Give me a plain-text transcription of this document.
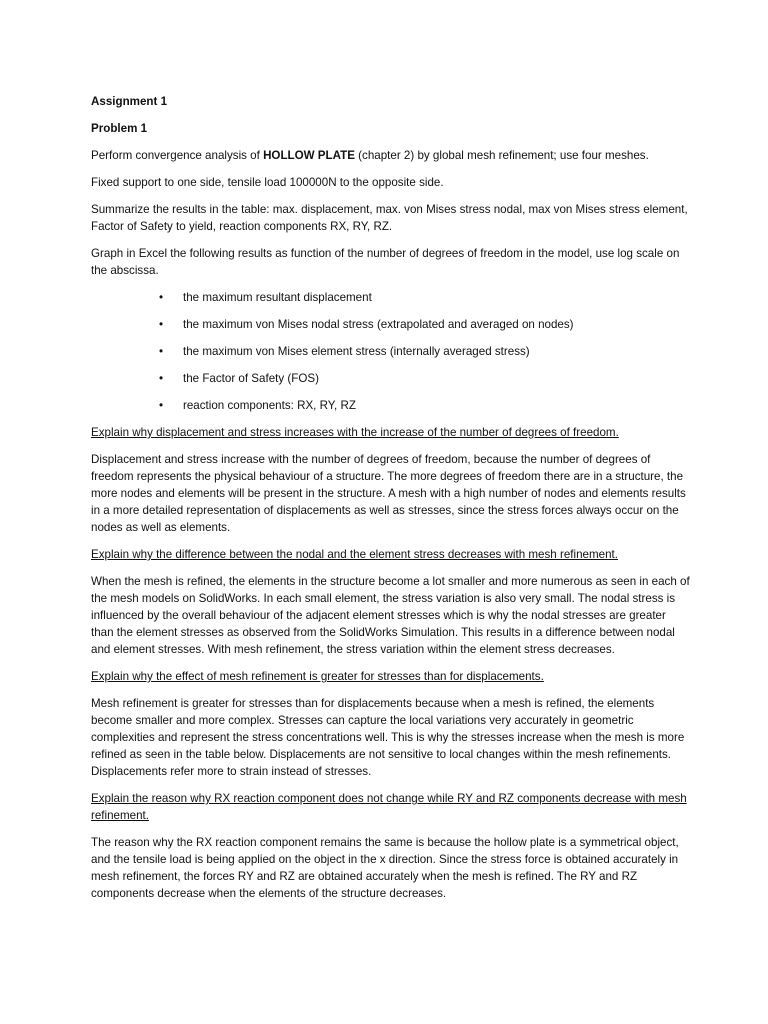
Assignment 1
Problem 1

Perform convergence analysis of HOLLOW PLATE (chapter 2) by global mesh refinement; use four meshes.

Fixed support to one side, tensile load 100000N to the opposite side.

Summarize the results in the table: max. displacement, max. von Mises stress nodal, max von Mises stress element, Factor of Safety to yield, reaction components RX, RY, RZ.

Graph in Excel the following results as function of the number of degrees of freedom in the model, use log scale on the abscissa.

• the maximum resultant displacement
• the maximum von Mises nodal stress (extrapolated and averaged on nodes)
• the maximum von Mises element stress (internally averaged stress)
• the Factor of Safety (FOS)
• reaction components: RX, RY, RZ

Explain why displacement and stress increases with the increase of the number of degrees of freedom.

Displacement and stress increase with the number of degrees of freedom, because the number of degrees of freedom represents the physical behaviour of a structure. The more degrees of freedom there are in a structure, the more nodes and elements will be present in the structure. A mesh with a high number of nodes and elements results in a more detailed representation of displacements as well as stresses, since the stress forces always occur on the nodes as well as elements.

Explain why the difference between the nodal and the element stress decreases with mesh refinement.

When the mesh is refined, the elements in the structure become a lot smaller and more numerous as seen in each of the mesh models on SolidWorks. In each small element, the stress variation is also very small. The nodal stress is influenced by the overall behaviour of the adjacent element stresses which is why the nodal stresses are greater than the element stresses as observed from the SolidWorks Simulation. This results in a difference between nodal and element stresses. With mesh refinement, the stress variation within the element stress decreases.

Explain why the effect of mesh refinement is greater for stresses than for displacements.

Mesh refinement is greater for stresses than for displacements because when a mesh is refined, the elements become smaller and more complex. Stresses can capture the local variations very accurately in geometric complexities and represent the stress concentrations well. This is why the stresses increase when the mesh is more refined as seen in the table below. Displacements are not sensitive to local changes within the mesh refinements. Displacements refer more to strain instead of stresses.

Explain the reason why RX reaction component does not change while RY and RZ components decrease with mesh refinement.

The reason why the RX reaction component remains the same is because the hollow plate is a symmetrical object, and the tensile load is being applied on the object in the x direction. Since the stress force is obtained accurately in mesh refinement, the forces RY and RZ are obtained accurately when the mesh is refined. The RY and RZ components decrease when the elements of the structure decreases.
